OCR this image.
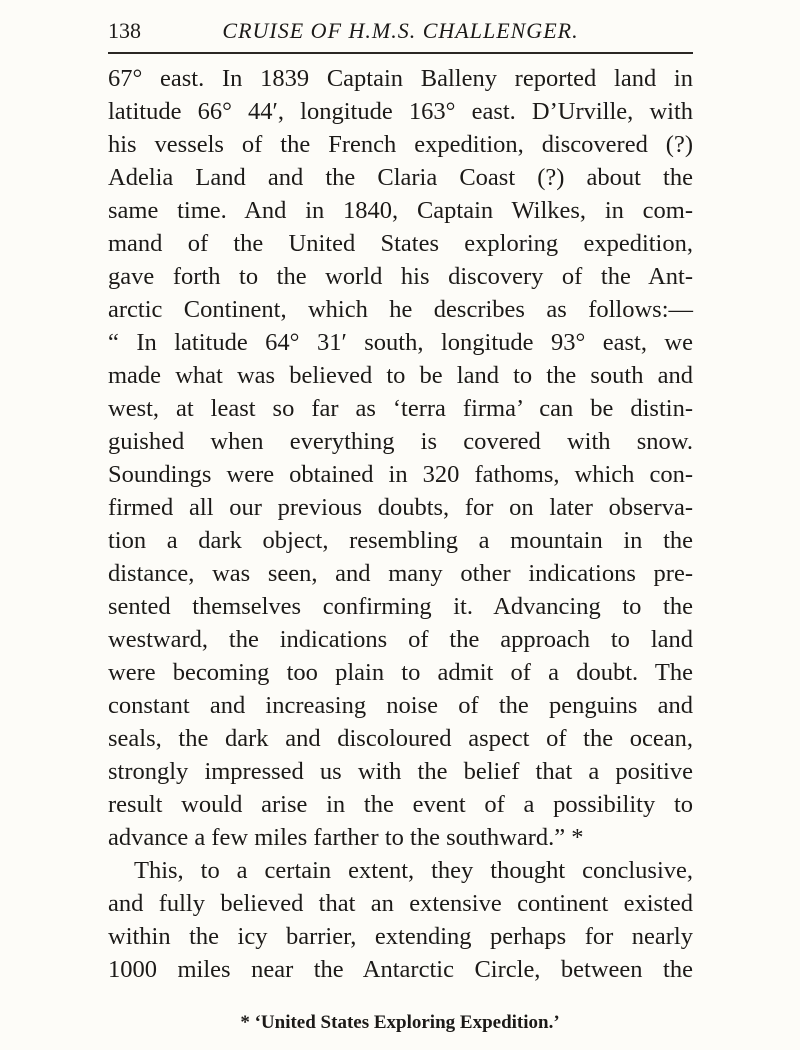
138	CRUISE OF H.M.S. CHALLENGER.
67° east. In 1839 Captain Balleny reported land in
latitude 66° 44′, longitude 163° east. D’Urville, with
his vessels of the French expedition, discovered (?)
Adelia Land and the Claria Coast (?) about the
same time. And in 1840, Captain Wilkes, in com-
mand of the United States exploring expedition,
gave forth to the world his discovery of the Ant-
arctic Continent, which he describes as follows:—
“ In latitude 64° 31′ south, longitude 93° east, we
made what was believed to be land to the south and
west, at least so far as ‘terra firma’ can be distin-
guished when everything is covered with snow.
Soundings were obtained in 320 fathoms, which con-
firmed all our previous doubts, for on later observa-
tion a dark object, resembling a mountain in the
distance, was seen, and many other indications pre-
sented themselves confirming it. Advancing to the
westward, the indications of the approach to land
were becoming too plain to admit of a doubt. The
constant and increasing noise of the penguins and
seals, the dark and discoloured aspect of the ocean,
strongly impressed us with the belief that a positive
result would arise in the event of a possibility to
advance a few miles farther to the southward.” *
This, to a certain extent, they thought conclusive,
and fully believed that an extensive continent existed
within the icy barrier, extending perhaps for nearly
1000 miles near the Antarctic Circle, between the
* ‘United States Exploring Expedition.’
